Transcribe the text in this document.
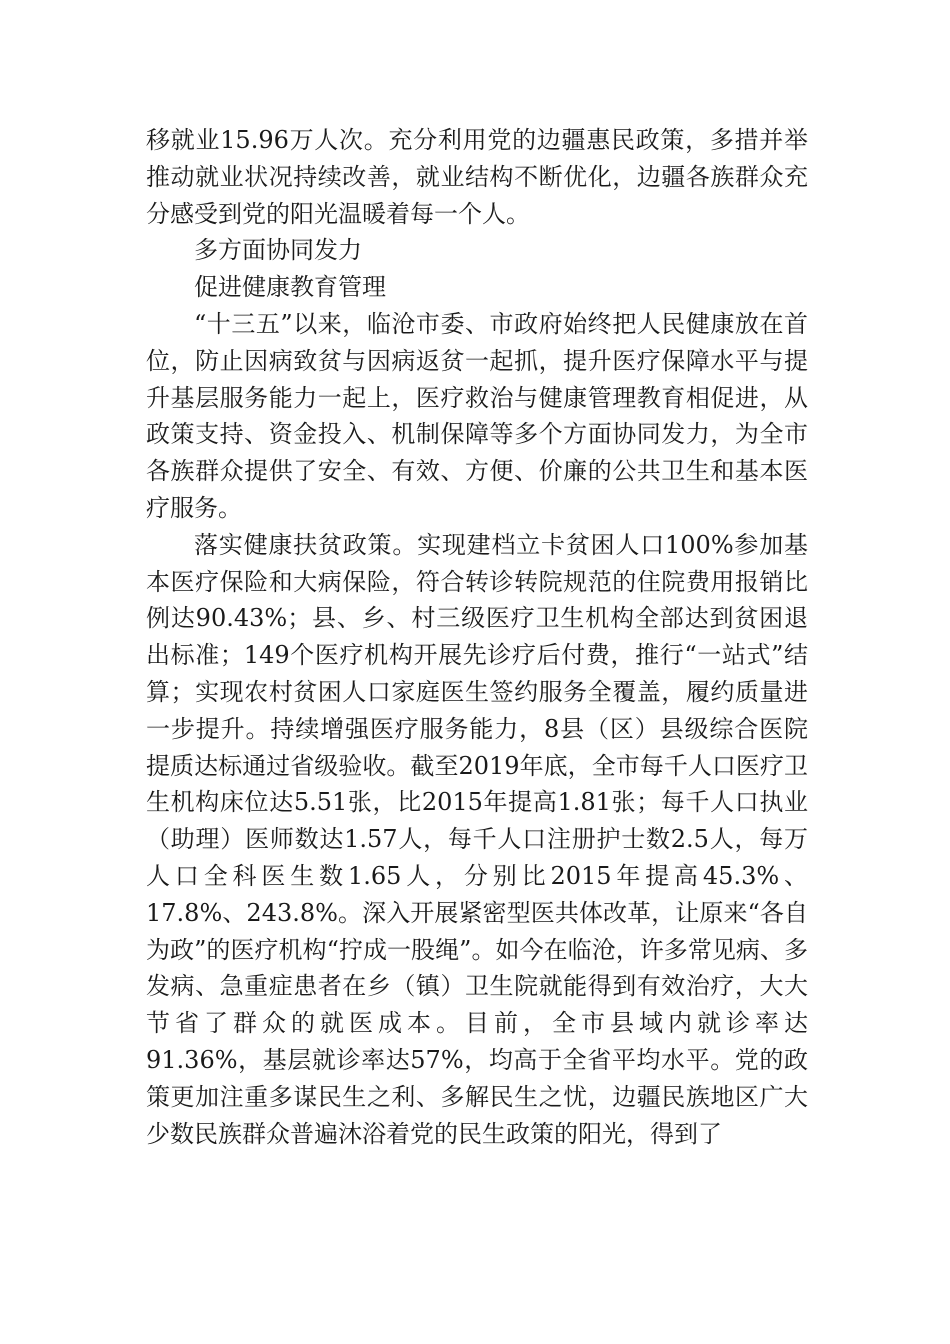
移就业15.96万人次。充分利用党的边疆惠民政策，多措并举推动就业状况持续改善，就业结构不断优化，边疆各族群众充分感受到党的阳光温暖着每一个人。

多方面协同发力

促进健康教育管理

“十三五”以来，临沧市委、市政府始终把人民健康放在首位，防止因病致贫与因病返贫一起抓，提升医疗保障水平与提升基层服务能力一起上，医疗救治与健康管理教育相促进，从政策支持、资金投入、机制保障等多个方面协同发力，为全市各族群众提供了安全、有效、方便、价廉的公共卫生和基本医疗服务。

落实健康扶贫政策。实现建档立卡贫困人口100%参加基本医疗保险和大病保险，符合转诊转院规范的住院费用报销比例达90.43%；县、乡、村三级医疗卫生机构全部达到贫困退出标准；149个医疗机构开展先诊疗后付费，推行“一站式”结算；实现农村贫困人口家庭医生签约服务全覆盖，履约质量进一步提升。持续增强医疗服务能力，8县（区）县级综合医院提质达标通过省级验收。截至2019年底，全市每千人口医疗卫生机构床位达5.51张，比2015年提高1.81张；每千人口执业（助理）医师数达1.57人，每千人口注册护士数2.5人，每万人口全科医生数1.65人，分别比2015年提高45.3%、17.8%、243.8%。深入开展紧密型医共体改革，让原来“各自为政”的医疗机构“拧成一股绳”。如今在临沧，许多常见病、多发病、急重症患者在乡（镇）卫生院就能得到有效治疗，大大节省了群众的就医成本。目前，全市县域内就诊率达91.36%，基层就诊率达57%，均高于全省平均水平。党的政策更加注重多谋民生之利、多解民生之忧，边疆民族地区广大少数民族群众普遍沐浴着党的民生政策的阳光，得到了
